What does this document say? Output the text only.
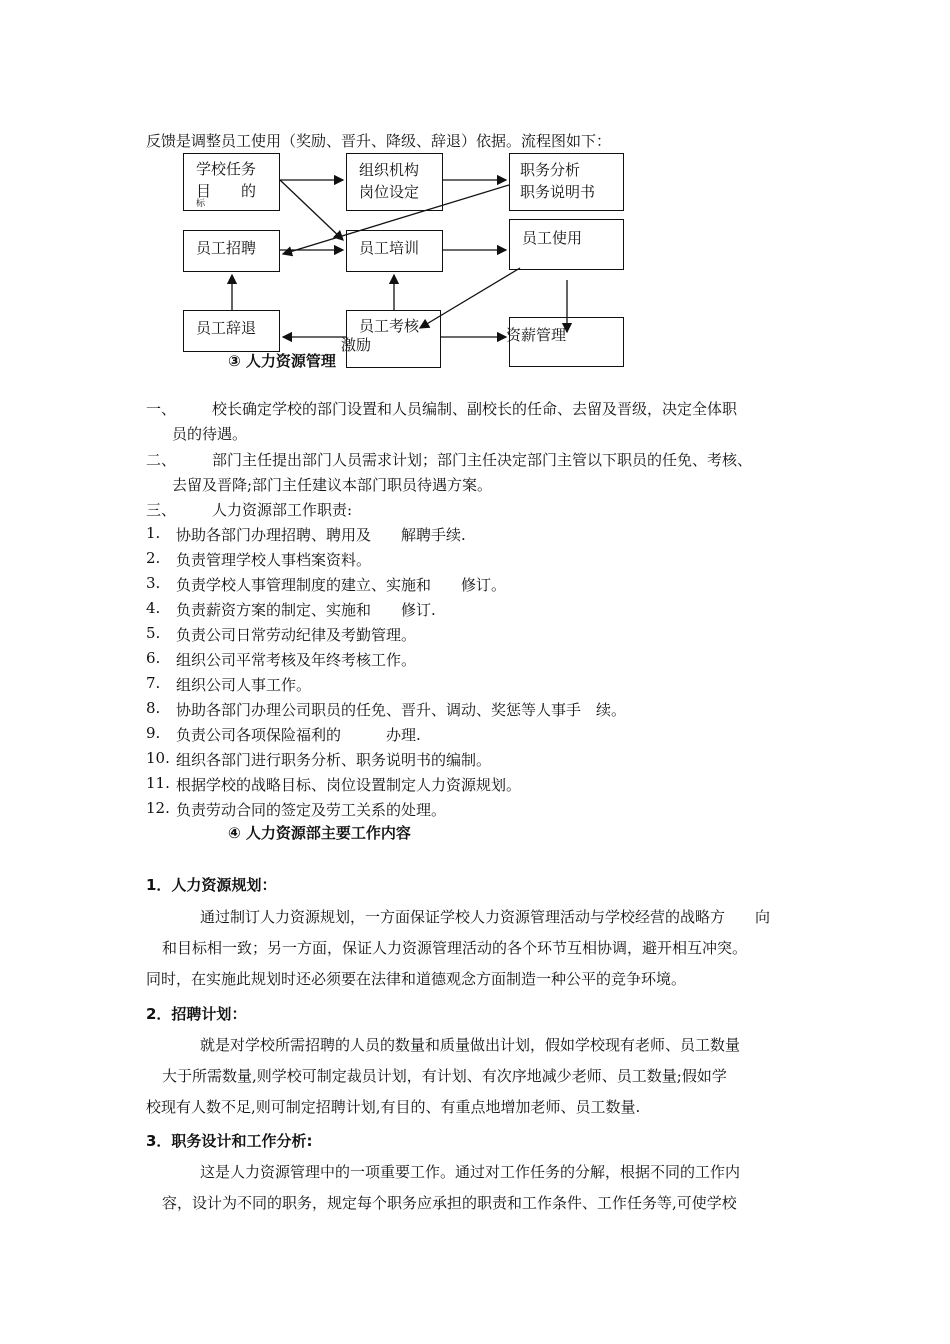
反馈是调整员工使用（奖励、晋升、降级、辞退）依据。流程图如下：
学校任务
目　　的
标
组织机构
岗位设定
职务分析
职务说明书
员工招聘	员工培训
员工使用
员工辞退	员工考核
激励
资薪管理
③ 人力资源管理
一、 校长确定学校的部门设置和人员编制、副校长的任命、去留及晋级，决定全体职
员的待遇。
二、 部门主任提出部门人员需求计划；部门主任决定部门主管以下职员的任免、考核、
去留及晋降;部门主任建议本部门职员待遇方案。
三、 人力资源部工作职责:
1. 协助各部门办理招聘、聘用及　　解聘手续.
2. 负责管理学校人事档案资料。
3. 负责学校人事管理制度的建立、实施和　　修订。
4. 负责薪资方案的制定、实施和　　修订.
5. 负责公司日常劳动纪律及考勤管理。
6. 组织公司平常考核及年终考核工作。
7. 组织公司人事工作。
8. 协助各部门办理公司职员的任免、晋升、调动、奖惩等人事手　续。
9. 负责公司各项保险福利的　　　办理.
10. 组织各部门进行职务分析、职务说明书的编制。
11. 根据学校的战略目标、岗位设置制定人力资源规划。
12. 负责劳动合同的签定及劳工关系的处理。
④ 人力资源部主要工作内容
1．人力资源规划：
通过制订人力资源规划，一方面保证学校人力资源管理活动与学校经营的战略方　　向
和目标相一致；另一方面，保证人力资源管理活动的各个环节互相协调，避开相互冲突。
同时，在实施此规划时还必须要在法律和道德观念方面制造一种公平的竞争环境。
2．招聘计划：
就是对学校所需招聘的人员的数量和质量做出计划，假如学校现有老师、员工数量
大于所需数量,则学校可制定裁员计划，有计划、有次序地减少老师、员工数量;假如学
校现有人数不足,则可制定招聘计划,有目的、有重点地增加老师、员工数量.
3．职务设计和工作分析:
这是人力资源管理中的一项重要工作。通过对工作任务的分解，根据不同的工作内
容，设计为不同的职务，规定每个职务应承担的职责和工作条件、工作任务等,可使学校
